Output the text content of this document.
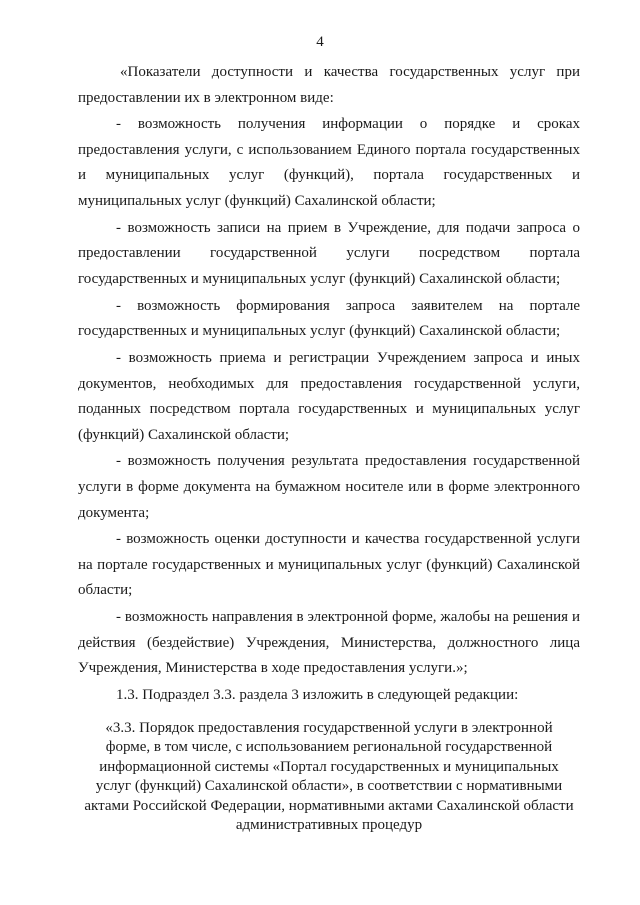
4

«Показатели доступности и качества государственных услуг при предоставлении их в электронном виде:

- возможность получения информации о порядке и сроках предоставления услуги, с использованием Единого портала государственных и муниципальных услуг (функций), портала государственных и муниципальных услуг (функций) Сахалинской области;

- возможность записи на прием в Учреждение, для подачи запроса о предоставлении государственной услуги посредством портала государственных и муниципальных услуг (функций) Сахалинской области;

- возможность формирования запроса заявителем на портале государственных и муниципальных услуг (функций) Сахалинской области;

- возможность приема и регистрации Учреждением запроса и иных документов, необходимых для предоставления государственной услуги, поданных посредством портала государственных и муниципальных услуг (функций) Сахалинской области;

- возможность получения результата предоставления государственной услуги в форме документа на бумажном носителе или в форме электронного документа;

- возможность оценки доступности и качества государственной услуги на портале государственных и муниципальных услуг (функций) Сахалинской области;

- возможность направления в электронной форме, жалобы на решения и действия (бездействие) Учреждения, Министерства, должностного лица Учреждения, Министерства в ходе предоставления услуги.»;

1.3. Подраздел 3.3. раздела 3 изложить в следующей редакции:

«3.3. Порядок предоставления государственной услуги в электронной форме, в том числе, с использованием региональной государственной информационной системы «Портал государственных и муниципальных услуг (функций) Сахалинской области», в соответствии с нормативными актами Российской Федерации, нормативными актами Сахалинской области административных процедур
